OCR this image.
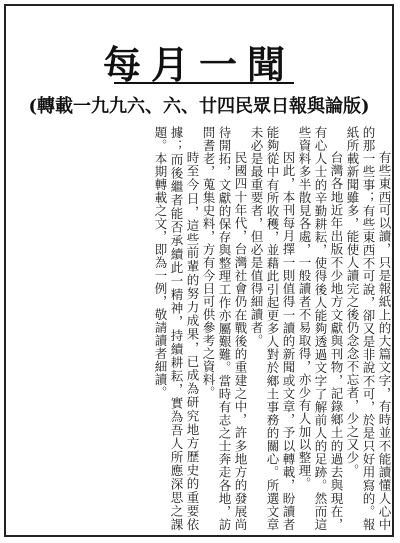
每月一聞
(轉載一九九六、六、廿四民眾日報與論版)

有些東西可以讀，只是報紙上的大篇文字，有時並不能讀懂人心中的那一些事；有些東西不可說，卻又是非說不可，於是只好用寫的。報紙所載新聞雖多，能使人讀完之後仍念念不忘者，少之又少。

台灣各地近年出版不少地方文獻與刊物，記錄鄉土的過去與現在，有心人士的辛勤耕耘，使得後人能夠透過文字了解前人的足跡。然而這些資料多半散見各處，一般讀者不易取得，亦少有人加以整理。

因此，本刊每月擇一則值得一讀的新聞或文章，予以轉載，盼讀者能夠從中有所收穫，並藉此引起更多人對於鄉土事務的關心。所選文章未必是最重要者，但必是值得細讀者。

民國四十年代，台灣社會仍在戰後的重建之中，許多地方的發展尚待開拓，文獻的保存與整理工作亦屬艱難。當時有志之士奔走各地，訪問耆老，蒐集史料，方有今日可供參考之資料。

時至今日，這些前輩的努力成果，已成為研究地方歷史的重要依據；而後繼者能否承續此一精神，持續耕耘，實為吾人所應深思之課題。本期轉載之文，即為一例，敬請讀者細讀。
